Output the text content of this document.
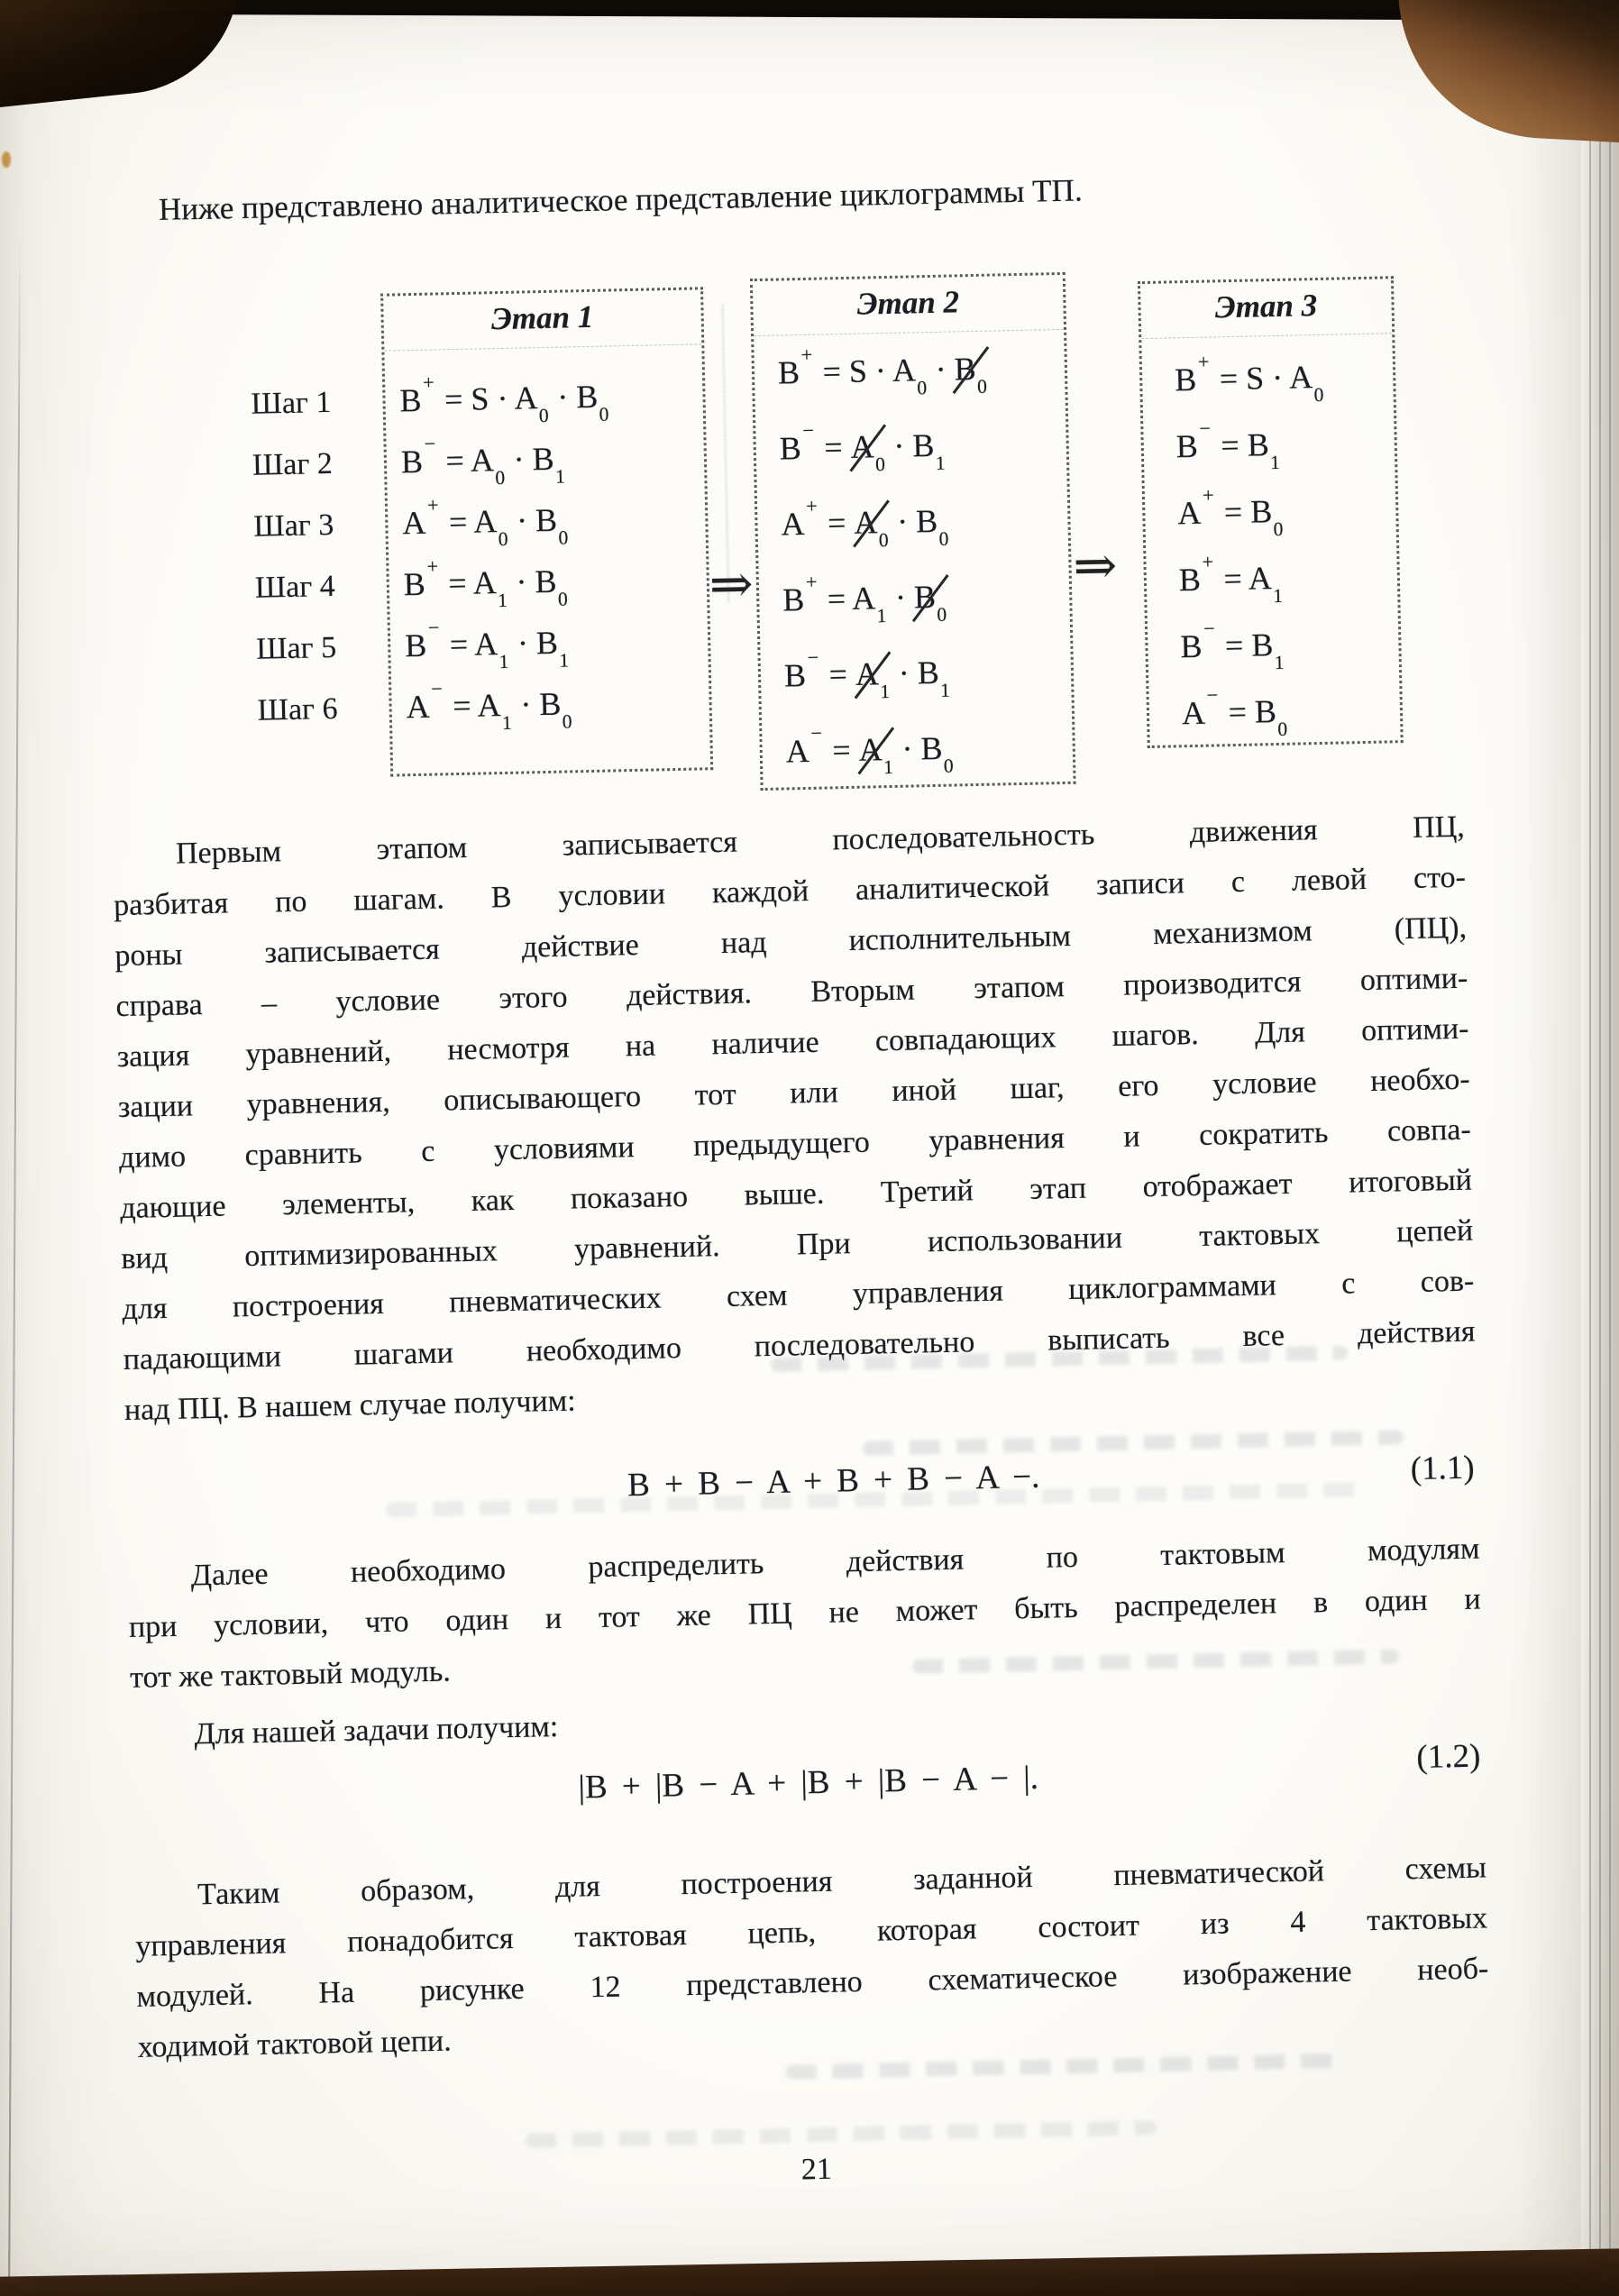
Ниже представлено аналитическое представление циклограммы ТП.
Шаг 1
Шаг 2
Шаг 3
Шаг 4
Шаг 5
Шаг 6
Этап 1
$B^+ = S \cdot A_0 \cdot B_0$
$B^- = A_0 \cdot B_1$
$A^+ = A_0 \cdot B_0$
$B^+ = A_1 \cdot B_0$
$B^- = A_1 \cdot B_1$
$A^- = A_1 \cdot B_0$
⇒
Этап 2
$B^+ = S \cdot A_0 \cdot B_0$
$B^- = A_0 \cdot B_1$
$A^+ = A_0 \cdot B_0$
$B^+ = A_1 \cdot B_0$
$B^- = A_1 \cdot B_1$
$A^- = A_1 \cdot B_0$
⇒
Этап 3
$B^+ = S \cdot A_0$
$B^- = B_1$
$A^+ = B_0$
$B^+ = A_1$
$B^- = B_1$
$A^- = B_0$
Первым этапом записывается последовательность движения ПЦ,
разбитая по шагам. В условии каждой аналитической записи с левой сто-
роны записывается действие над исполнительным механизмом (ПЦ),
справа – условие этого действия. Вторым этапом производится оптими-
зация уравнений, несмотря на наличие совпадающих шагов. Для оптими-
зации уравнения, описывающего тот или иной шаг, его условие необхо-
димо сравнить с условиями предыдущего уравнения и сократить совпа-
дающие элементы, как показано выше. Третий этап отображает итоговый
вид оптимизированных уравнений. При использовании тактовых цепей
для построения пневматических схем управления циклограммами с сов-
падающими шагами необходимо последовательно выписать все действия
над ПЦ. В нашем случае получим:
B + B − A + B + B − A −.	(1.1)
Далее необходимо распределить действия по тактовым модулям
при условии, что один и тот же ПЦ не может быть распределен в один и
тот же тактовый модуль.
Для нашей задачи получим:
|B + |B − A + |B + |B − A − |.
(1.2)
Таким образом, для построения заданной пневматической схемы
управления понадобится тактовая цепь, которая состоит из 4 тактовых
модулей. На рисунке 12 представлено схематическое изображение необ-
ходимой тактовой цепи.
21
